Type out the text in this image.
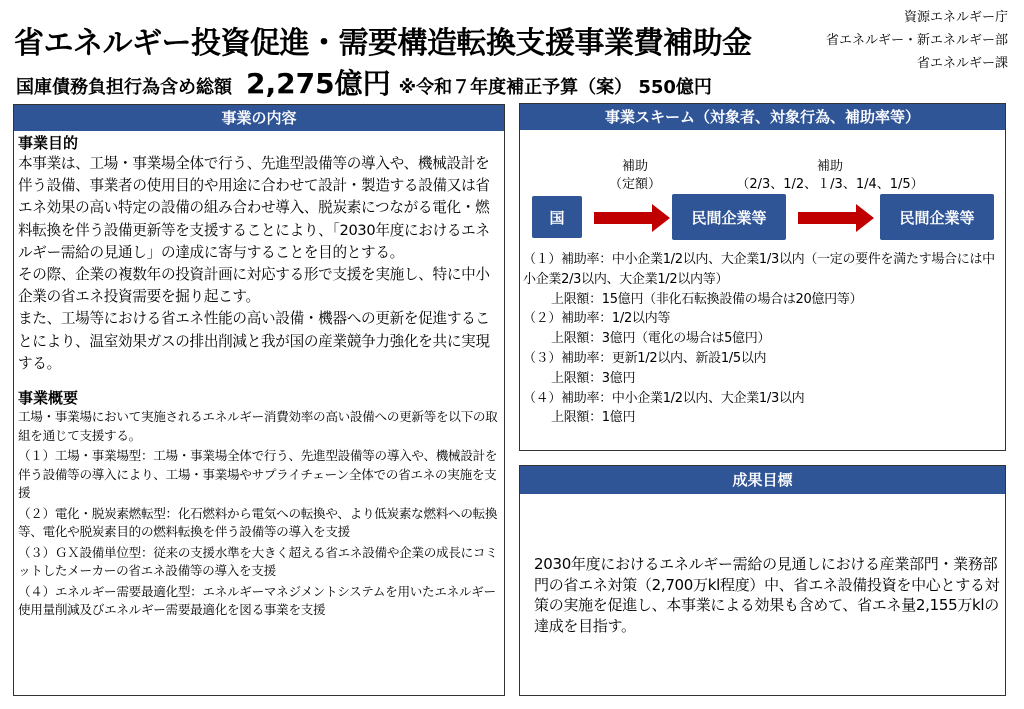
省エネルギー投資促進・需要構造転換支援事業費補助金
国庫債務負担行為含め総額 2,275億円 ※令和７年度補正予算（案） 550億円
資源エネルギー庁
省エネルギー・新エネルギー部
省エネルギー課
事業の内容
事業目的
本事業は、工場・事業場全体で行う、先進型設備等の導入や、機械設計を伴う設備、事業者の使用目的や用途に合わせて設計・製造する設備又は省エネ効果の高い特定の設備の組み合わせ導入、脱炭素につながる電化・燃料転換を伴う設備更新等を支援することにより、「2030年度におけるエネルギー需給の見通し」の達成に寄与することを目的とする。
その際、企業の複数年の投資計画に対応する形で支援を実施し、特に中小企業の省エネ投資需要を掘り起こす。
また、工場等における省エネ性能の高い設備・機器への更新を促進することにより、温室効果ガスの排出削減と我が国の産業競争力強化を共に実現する。
事業概要
工場・事業場において実施されるエネルギー消費効率の高い設備への更新等を以下の取組を通じて支援する。
（１）工場・事業場型：工場・事業場全体で行う、先進型設備等の導入や、機械設計を伴う設備等の導入により、工場・事業場やサプライチェーン全体での省エネの実施を支援
（２）電化・脱炭素燃転型：化石燃料から電気への転換や、より低炭素な燃料への転換等、電化や脱炭素目的の燃料転換を伴う設備等の導入を支援
（３）ＧＸ設備単位型：従来の支援水準を大きく超える省エネ設備や企業の成長にコミットしたメーカーの省エネ設備等の導入を支援
（４）エネルギー需要最適化型：エネルギーマネジメントシステムを用いたエネルギー使用量削減及びエネルギー需要最適化を図る事業を支援
事業スキーム（対象者、対象行為、補助率等）
補助
（定額）
補助
（2/3、1/2、１/3、1/4、1/5）
国	民間企業等	民間企業等
（１）補助率：中小企業1/2以内、大企業1/3以内（一定の要件を満たす場合には中小企業2/3以内、大企業1/2以内等）
上限額：15億円（非化石転換設備の場合は20億円等）
（２）補助率：1/2以内等
上限額：3億円（電化の場合は5億円）
（３）補助率：更新1/2以内、新設1/5以内
上限額：3億円
（４）補助率：中小企業1/2以内、大企業1/3以内
上限額：1億円
成果目標
2030年度におけるエネルギー需給の見通しにおける産業部門・業務部門の省エネ対策（2,700万kl程度）中、省エネ設備投資を中心とする対策の実施を促進し、本事業による効果も含めて、省エネ量2,155万klの達成を目指す。
